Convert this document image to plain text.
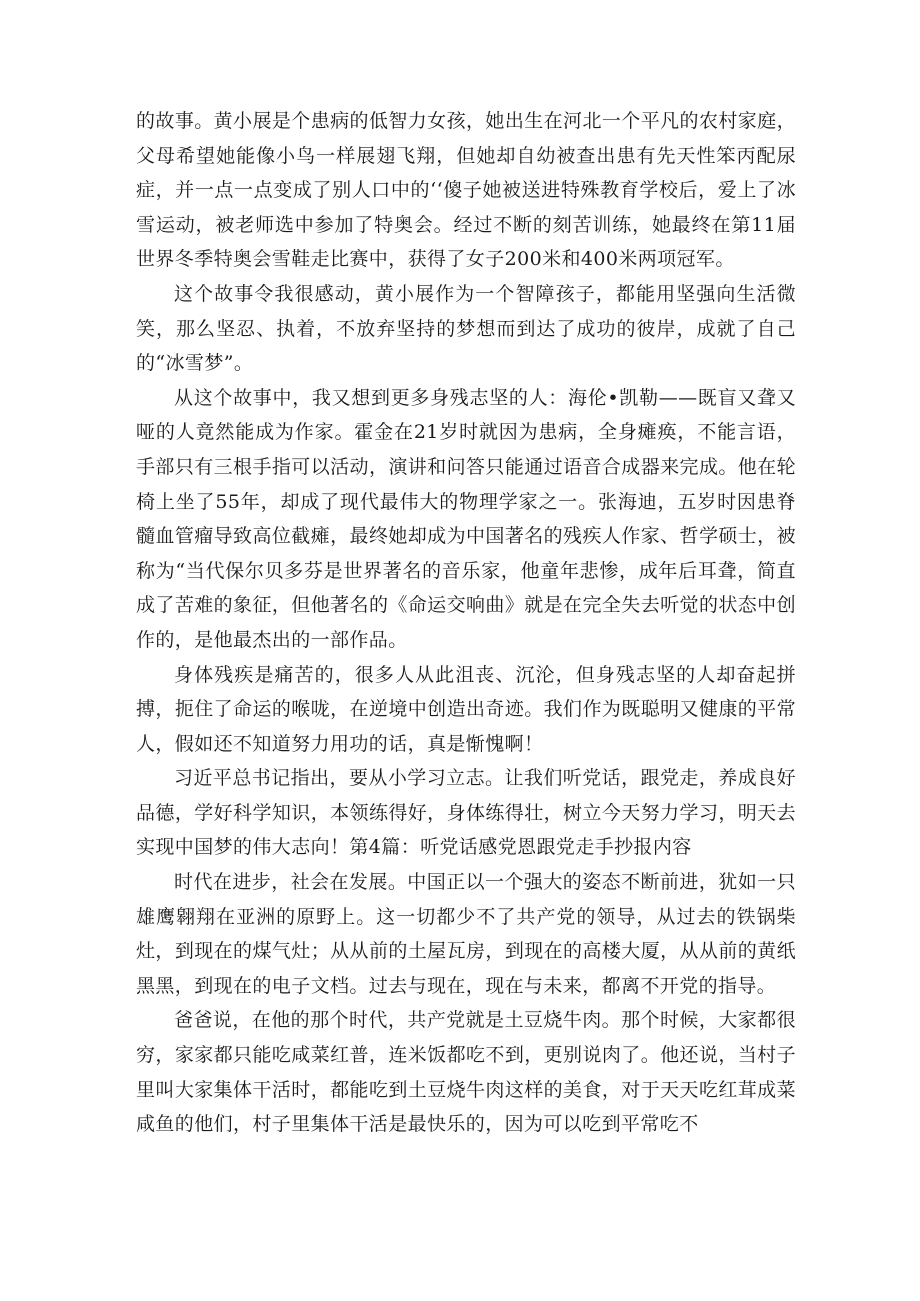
的故事。黄小展是个患病的低智力女孩，她出生在河北一个平凡的农村家庭，父母希望她能像小鸟一样展翅飞翔，但她却自幼被查出患有先天性笨丙配尿症，并一点一点变成了别人口中的‘‘傻子她被送进特殊教育学校后，爱上了冰雪运动，被老师选中参加了特奥会。经过不断的刻苦训练，她最终在第11届世界冬季特奥会雪鞋走比赛中，获得了女子200米和400米两项冠军。

这个故事令我很感动，黄小展作为一个智障孩子，都能用坚强向生活微笑，那么坚忍、执着，不放弃坚持的梦想而到达了成功的彼岸，成就了自己的“冰雪梦”。

从这个故事中，我又想到更多身残志坚的人：海伦•凯勒——既盲又聋又哑的人竟然能成为作家。霍金在21岁时就因为患病，全身瘫痪，不能言语，手部只有三根手指可以活动，演讲和问答只能通过语音合成器来完成。他在轮椅上坐了55年，却成了现代最伟大的物理学家之一。张海迪，五岁时因患脊髓血管瘤导致高位截瘫，最终她却成为中国著名的残疾人作家、哲学硕士，被称为“当代保尔贝多芬是世界著名的音乐家，他童年悲惨，成年后耳聋，简直成了苦难的象征，但他著名的《命运交响曲》就是在完全失去听觉的状态中创作的，是他最杰出的一部作品。

身体残疾是痛苦的，很多人从此沮丧、沉沦，但身残志坚的人却奋起拼搏，扼住了命运的喉咙，在逆境中创造出奇迹。我们作为既聪明又健康的平常人，假如还不知道努力用功的话，真是惭愧啊！

习近平总书记指出，要从小学习立志。让我们听党话，跟党走，养成良好品德，学好科学知识，本领练得好，身体练得壮，树立今天努力学习，明天去实现中国梦的伟大志向！第4篇：听党话感党恩跟党走手抄报内容

时代在进步，社会在发展。中国正以一个强大的姿态不断前进，犹如一只雄鹰翱翔在亚洲的原野上。这一切都少不了共产党的领导，从过去的铁锅柴灶，到现在的煤气灶；从从前的土屋瓦房，到现在的高楼大厦，从从前的黄纸黑黑，到现在的电子文档。过去与现在，现在与未来，都离不开党的指导。

爸爸说，在他的那个时代，共产党就是土豆烧牛肉。那个时候，大家都很穷，家家都只能吃咸菜红普，连米饭都吃不到，更别说肉了。他还说，当村子里叫大家集体干活时，都能吃到土豆烧牛肉这样的美食，对于天天吃红茸成菜咸鱼的他们，村子里集体干活是最快乐的，因为可以吃到平常吃不
